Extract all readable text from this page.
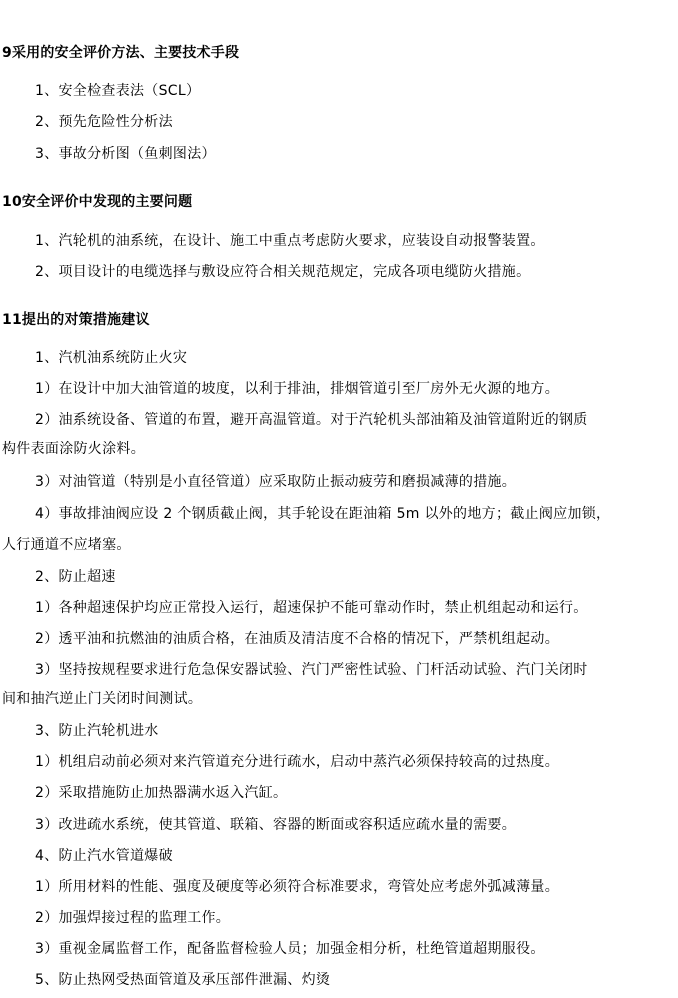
9采用的安全评价方法、主要技术手段
1、安全检查表法（SCL）
2、预先危险性分析法
3、事故分析图（鱼刺图法）
10安全评价中发现的主要问题
1、汽轮机的油系统，在设计、施工中重点考虑防火要求，应装设自动报警装置。
2、项目设计的电缆选择与敷设应符合相关规范规定，完成各项电缆防火措施。
11提出的对策措施建议
1、汽机油系统防止火灾
1）在设计中加大油管道的坡度，以利于排油，排烟管道引至厂房外无火源的地方。
2）油系统设备、管道的布置，避开高温管道。对于汽轮机头部油箱及油管道附近的钢质
构件表面涂防火涂料。
3）对油管道（特别是小直径管道）应采取防止振动疲劳和磨损减薄的措施。
4）事故排油阀应设 2 个钢质截止阀，其手轮设在距油箱 5m 以外的地方；截止阀应加锁，
人行通道不应堵塞。
2、防止超速
1）各种超速保护均应正常投入运行，超速保护不能可靠动作时，禁止机组起动和运行。
2）透平油和抗燃油的油质合格，在油质及清洁度不合格的情况下，严禁机组起动。
3）坚持按规程要求进行危急保安器试验、汽门严密性试验、门杆活动试验、汽门关闭时
间和抽汽逆止门关闭时间测试。
3、防止汽轮机进水
1）机组启动前必须对来汽管道充分进行疏水，启动中蒸汽必须保持较高的过热度。
2）采取措施防止加热器满水返入汽缸。
3）改进疏水系统，使其管道、联箱、容器的断面或容积适应疏水量的需要。
4、防止汽水管道爆破
1）所用材料的性能、强度及硬度等必须符合标准要求，弯管处应考虑外弧减薄量。
2）加强焊接过程的监理工作。
3）重视金属监督工作，配备监督检验人员；加强金相分析，杜绝管道超期服役。
5、防止热网受热面管道及承压部件泄漏、灼烫
